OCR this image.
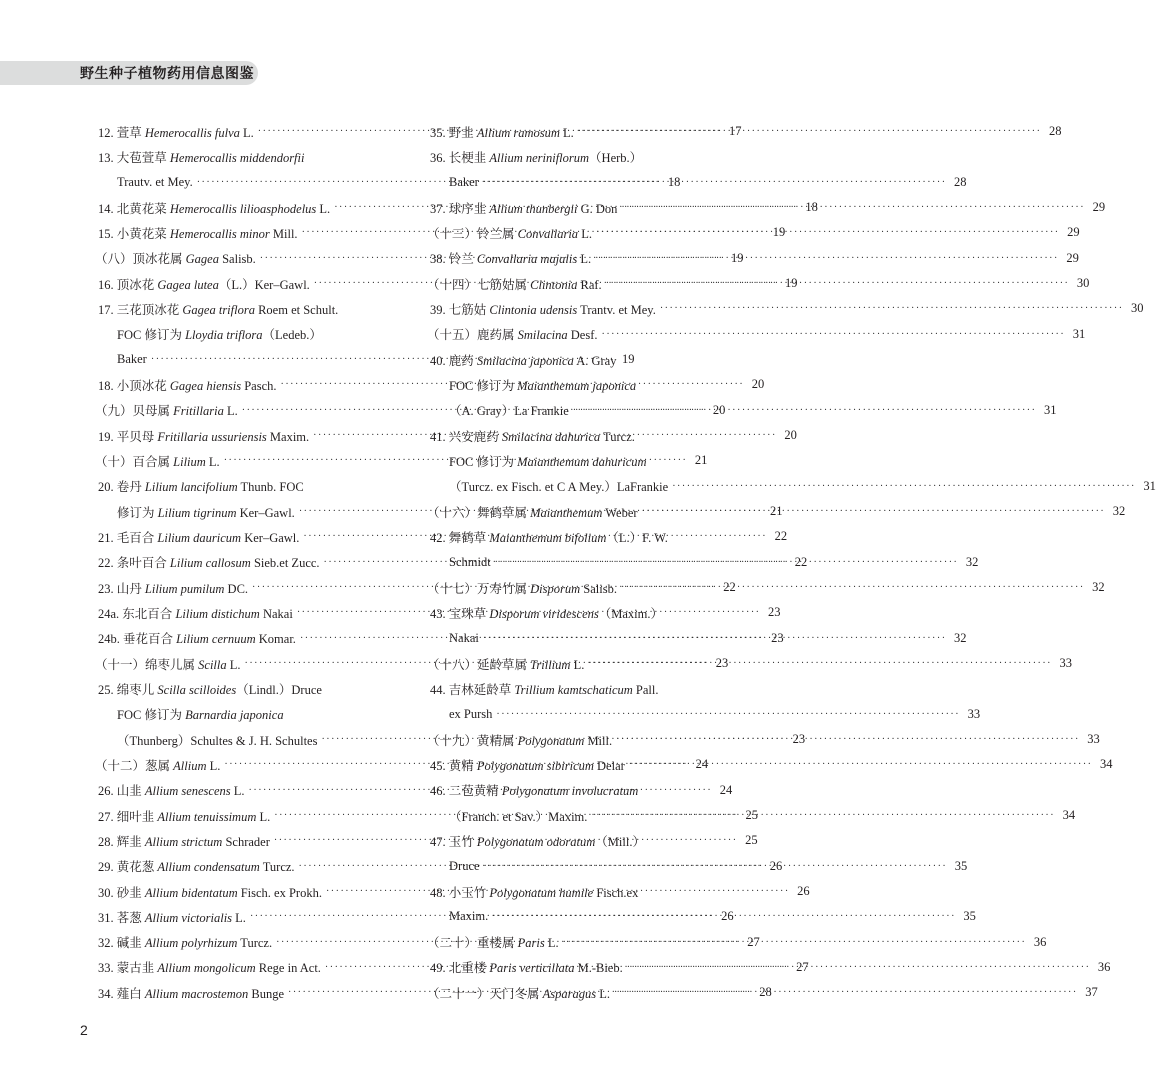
野生种子植物药用信息图鉴
12. 萱草 Hemerocallis fulva L. ·····	17
13. 大苞萱草 Hemerocallis middendorfii
Trautv. et Mey. ·····	18
14. 北黄花菜 Hemerocallis lilioasphodelus L. ·····	18
15. 小黄花菜 Hemerocallis minor Mill. ·····	19
（八）顶冰花属 Gagea Salisb. ·····	19
16. 顶冰花 Gagea lutea（L.）Ker–Gawl. ·····	19
17. 三花顶冰花 Gagea triflora Roem et Schult.
FOC 修订为 Lloydia triflora（Ledeb.）
Baker ·····	19
18. 小顶冰花 Gagea hiensis Pasch. ·····	20
（九）贝母属 Fritillaria L. ·····	20
19. 平贝母 Fritillaria ussuriensis Maxim. ·····	20
（十）百合属 Lilium L. ·····	21
20. 卷丹 Lilium lancifolium Thunb. FOC
修订为 Lilium tigrinum Ker–Gawl. ·····	21
21. 毛百合 Lilium dauricum Ker–Gawl. ·····	22
22. 条叶百合 Lilium callosum Sieb.et Zucc. ·····	22
23. 山丹 Lilium pumilum DC. ·····	22
24a. 东北百合 Lilium distichum Nakai ·····	23
24b. 垂花百合 Lilium cernuum Komar. ·····	23
（十一）绵枣儿属 Scilla L. ·····	23
25. 绵枣儿 Scilla scilloides（Lindl.）Druce
FOC 修订为 Barnardia japonica
（Thunberg）Schultes & J. H. Schultes ·····	23
（十二）葱属 Allium L. ·····	24
26. 山韭 Allium senescens L. ·····	24
27. 细叶韭 Allium tenuissimum L. ·····	25
28. 辉韭 Allium strictum Schrader ·····	25
29. 黄花葱 Allium condensatum Turcz. ·····	26
30. 砂韭 Allium bidentatum Fisch. ex Prokh. ·····	26
31. 茖葱 Allium victorialis L. ·····	26
32. 碱韭 Allium polyrhizum Turcz. ·····	27
33. 蒙古韭 Allium mongolicum Rege in Act. ·····	27
34. 薤白 Allium macrostemon Bunge ·····	28
35. 野韭 Allium ramosum L. ·····	28
36. 长梗韭 Allium neriniflorum（Herb.）
Baker ·····	28
37. 球序韭 Allium thunbergii G. Don ·····	29
（十三）铃兰属 Convallaria L. ·····	29
38. 铃兰 Convallaria majalis L. ·····	29
（十四）七筋姑属 Clintonia Raf. ·····	30
39. 七筋姑 Clintonia udensis Trantv. et Mey. ·····	30
（十五）鹿药属 Smilacina Desf. ·····	31
40. 鹿药 Smilacina japonica A. Gray
FOC 修订为 Maianthemum japonica
（A. Gray）La Frankie ·····	31
41. 兴安鹿药 Smilacina dahurica Turcz.
FOC 修订为 Maianthemum dahuricum
（Turcz. ex Fisch. et C A Mey.）LaFrankie ·····	31
（十六）舞鹤草属 Maianthemum Weber ·····	32
42. 舞鹤草 Maianthemum bifolium（L.）F. W.
Schmidt ·····	32
（十七）万寿竹属 Disporum Salisb. ·····	32
43. 宝珠草 Disporum viridescens（Maxim.）
Nakai ·····	32
（十八）延龄草属 Trillium L. ·····	33
44. 吉林延龄草 Trillium kamtschaticum Pall.
ex Pursh ·····	33
（十九）黄精属 Polygonatum Mill. ·····	33
45. 黄精 Polygonatum sibiricum Delar ·····	34
46. 二苞黄精 Polygonatum involucratum
（Franch. et Sav.）Maxim. ·····	34
47. 玉竹 Polygonatum odoratum（Mill.）
Druce ·····	35
48. 小玉竹 Polygonatum humile Fisch.ex
Maxim. ·····	35
（二十）重楼属 Paris L. ·····	36
49. 北重楼 Paris verticillata M.-Bieb. ·····	36
（二十一）天门冬属 Asparagus L. ·····	37
2
